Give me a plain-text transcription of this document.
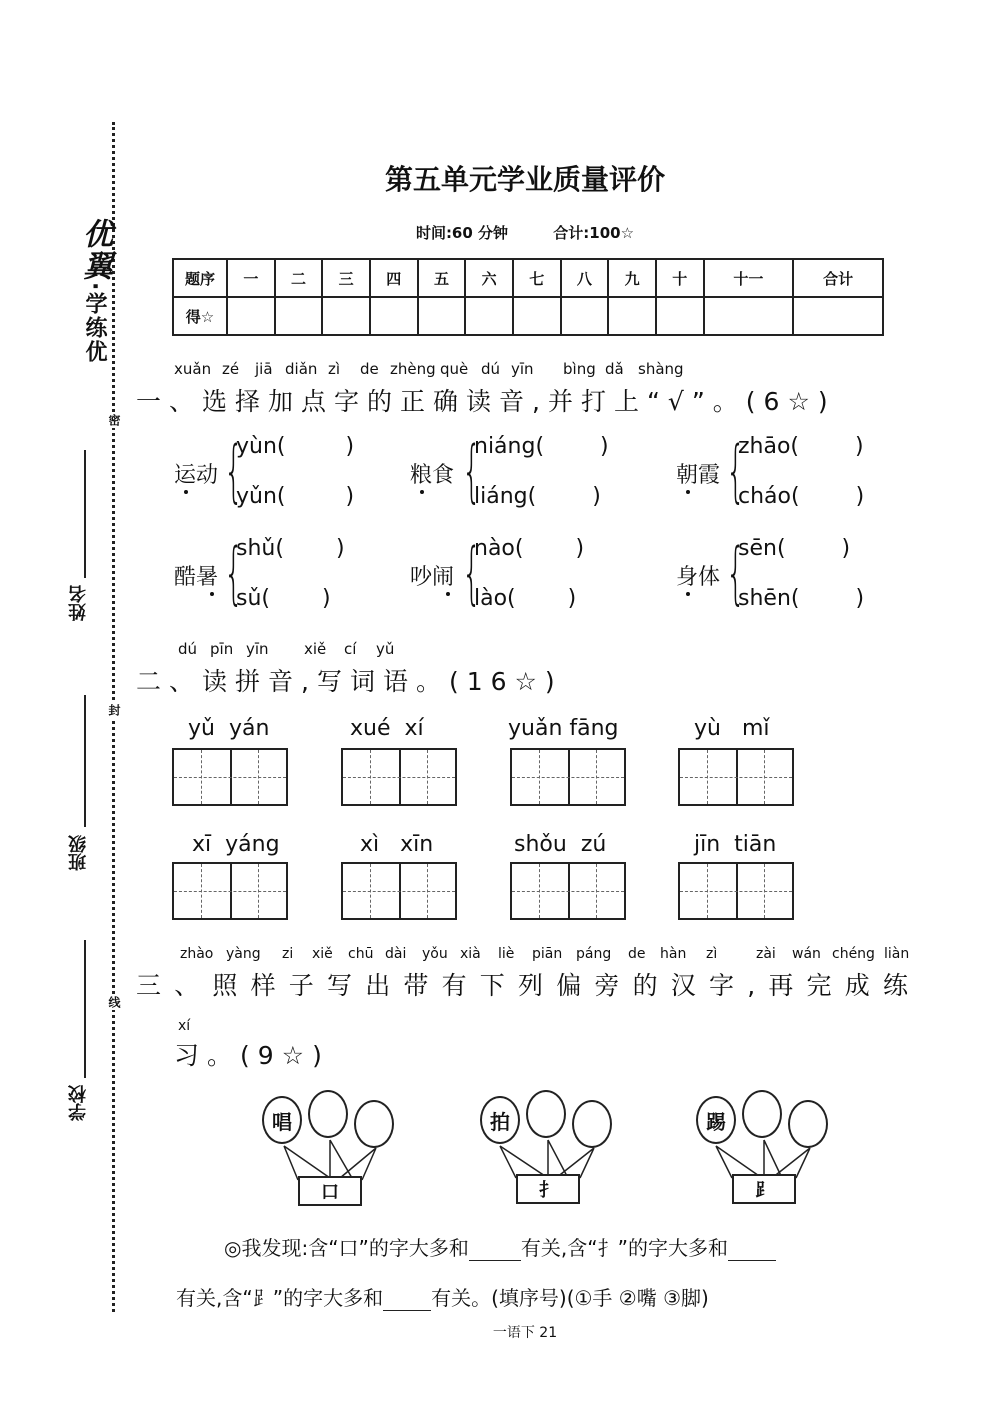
优翼·学练优
密
封
线
姓名
班级
学校
第五单元学业质量评价
时间:60 分钟	合计:100☆
题序	一	二	三	四	五	六	七	八	九	十	十一	合计
得☆												
xuǎn zé jiā diǎn zì de zhèng què dú yīn bìng dǎ shàng
一、选择加点字的正确读音,并打上“√”。(6☆)
运动 {
yùn(	)
yǔn(	)
粮食 {
niáng(	)
liáng(	)
朝霞 {
zhāo(	)
cháo(	)
酷暑 {
shǔ( )
sǔ( )
吵闹 {
nào( )
lào( )
身体 {
sēn(	)
shēn(	)
dú pīn yīn xiě cí yǔ
二、读拼音,写词语。(16☆)
yǔ yán	xué xí	yuǎn fāng	yù mǐ
xī yáng	xì xīn	shǒu zú	jīn tiān
zhào yàng zi xiě chū dài yǒu xià liè piān páng de hàn zì	zài wán chéng liàn
三、照样子写出带有下列偏旁的汉字,再完成练
xí
习。(9☆)
唱
口
拍
扌
踢
⻊
◎我发现:含“口”的字大多和	有关,含“扌”的字大多和
有关,含“⻊”的字大多和 有关。(填序号)(①手 ②嘴 ③脚)
一语下 21
